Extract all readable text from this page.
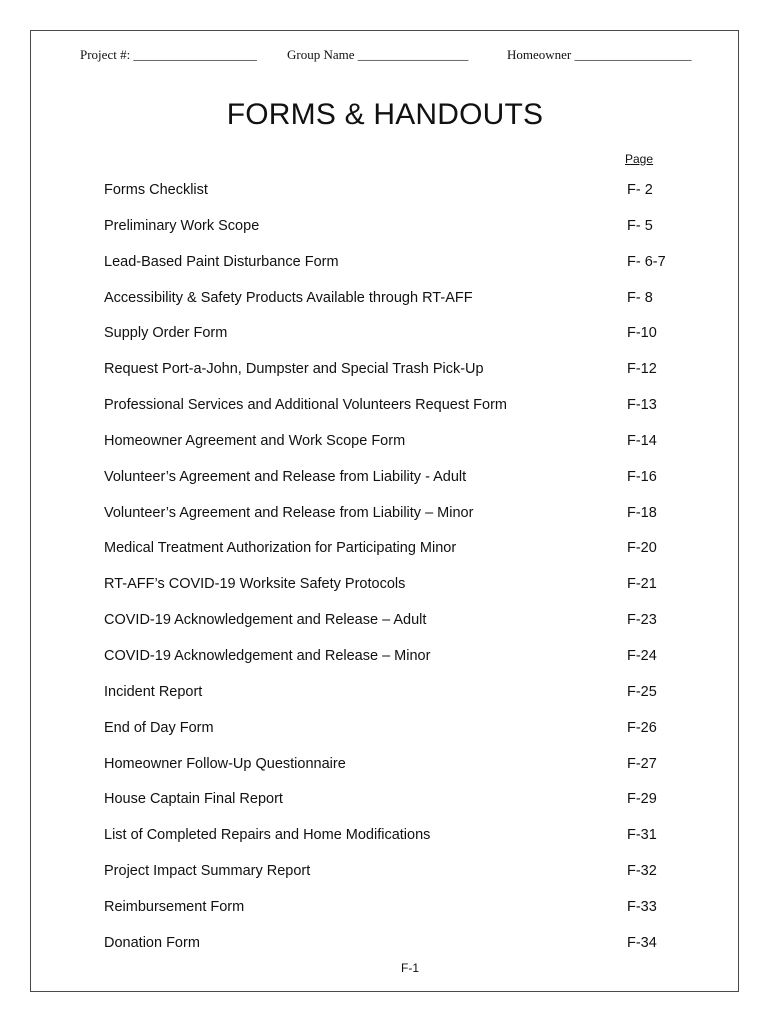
Project #: ___________________ Group Name _________________	Homeowner __________________
FORMS & HANDOUTS
Page
Forms Checklist	F- 2
Preliminary Work Scope	F- 5
Lead-Based Paint Disturbance Form	F- 6-7
Accessibility & Safety Products Available through RT-AFF	F- 8
Supply Order Form	F-10
Request Port-a-John, Dumpster and Special Trash Pick-Up	F-12
Professional Services and Additional Volunteers Request Form	F-13
Homeowner Agreement and Work Scope Form	F-14
Volunteer’s Agreement and Release from Liability - Adult	F-16
Volunteer’s Agreement and Release from Liability – Minor	F-18
Medical Treatment Authorization for Participating Minor	F-20
RT-AFF’s COVID-19 Worksite Safety Protocols	F-21
COVID-19 Acknowledgement and Release – Adult	F-23
COVID-19 Acknowledgement and Release – Minor	F-24
Incident Report	F-25
End of Day Form	F-26
Homeowner Follow-Up Questionnaire	F-27
House Captain Final Report	F-29
List of Completed Repairs and Home Modifications	F-31
Project Impact Summary Report	F-32
Reimbursement Form	F-33
Donation Form	F-34
F-1
